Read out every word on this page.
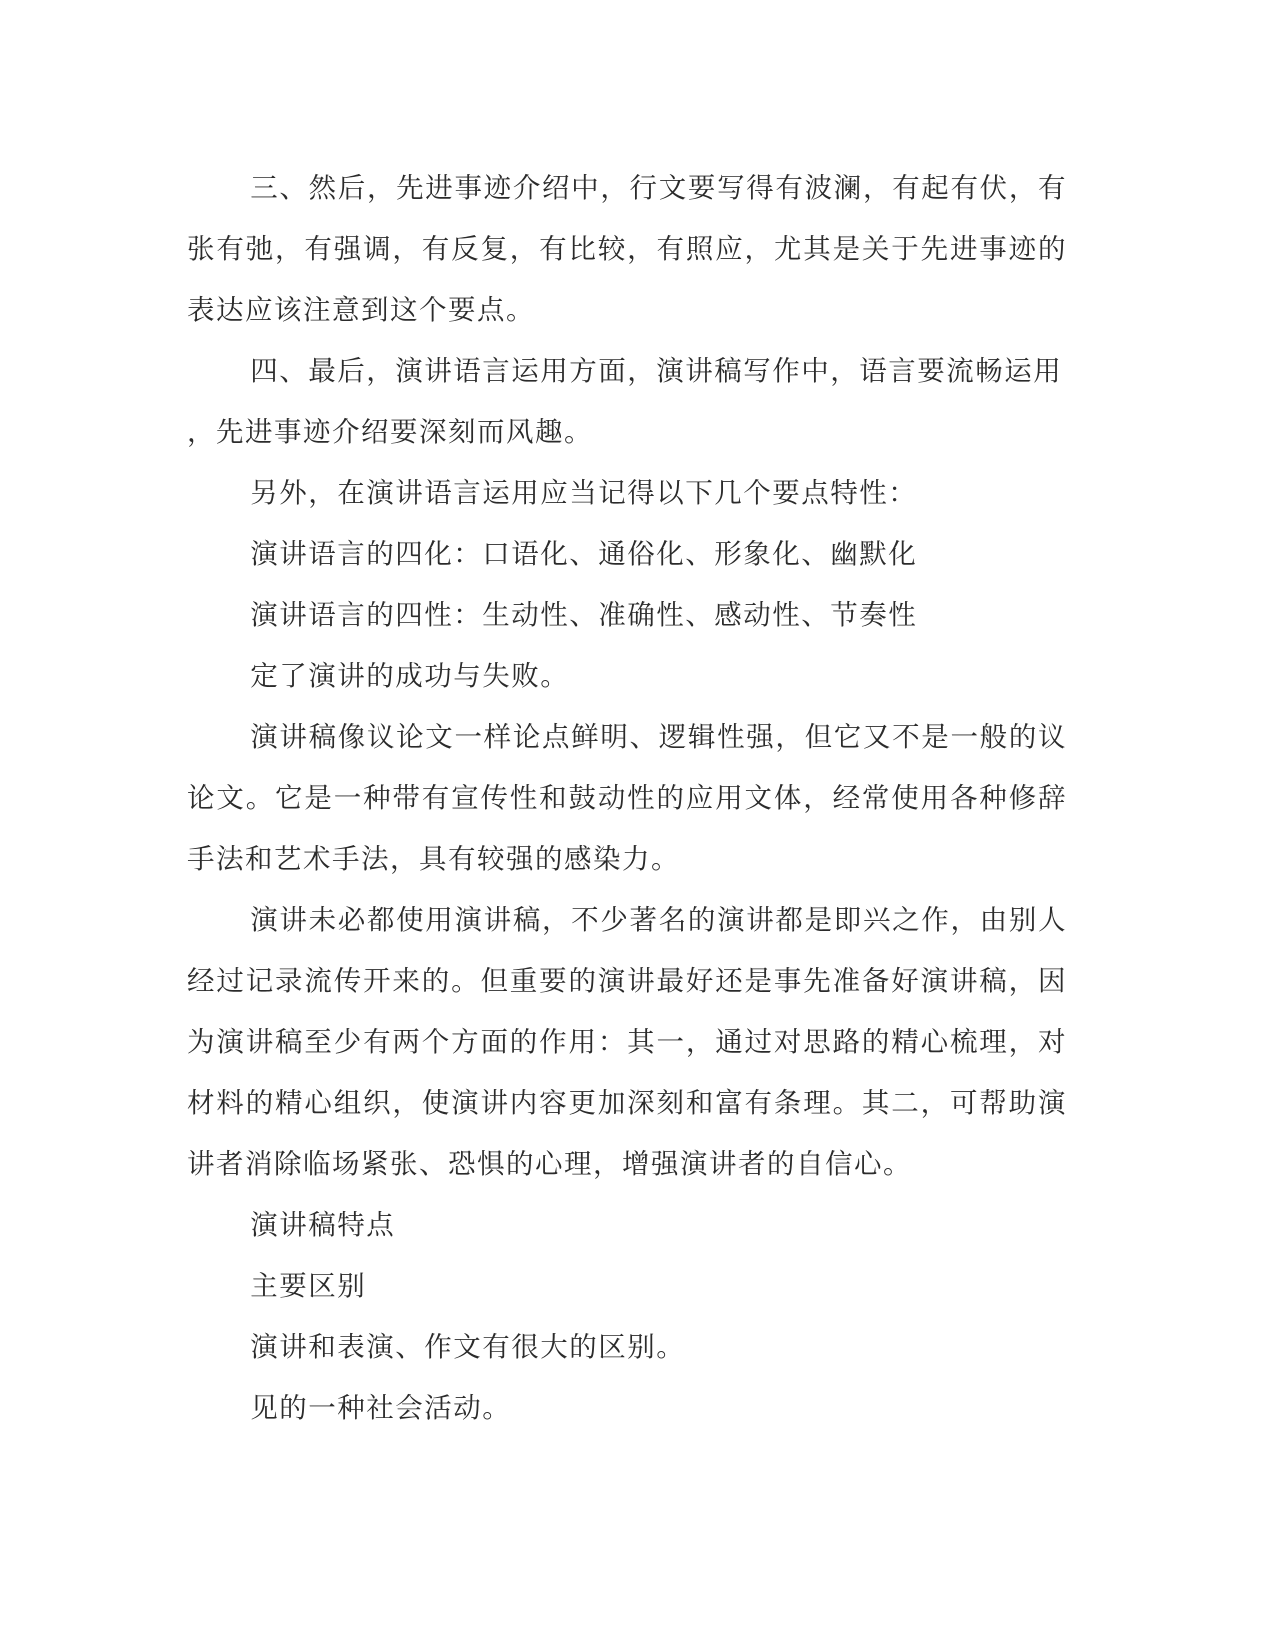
三、然后，先进事迹介绍中，行文要写得有波澜，有起有伏，有张有弛，有强调，有反复，有比较，有照应，尤其是关于先进事迹的表达应该注意到这个要点。

四、最后，演讲语言运用方面，演讲稿写作中，语言要流畅运用

，先进事迹介绍要深刻而风趣。

另外，在演讲语言运用应当记得以下几个要点特性：

演讲语言的四化：口语化、通俗化、形象化、幽默化

演讲语言的四性：生动性、准确性、感动性、节奏性

定了演讲的成功与失败。

演讲稿像议论文一样论点鲜明、逻辑性强，但它又不是一般的议论文。它是一种带有宣传性和鼓动性的应用文体，经常使用各种修辞手法和艺术手法，具有较强的感染力。

演讲未必都使用演讲稿，不少著名的演讲都是即兴之作，由别人经过记录流传开来的。但重要的演讲最好还是事先准备好演讲稿，因为演讲稿至少有两个方面的作用：其一，通过对思路的精心梳理，对材料的精心组织，使演讲内容更加深刻和富有条理。其二，可帮助演讲者消除临场紧张、恐惧的心理，增强演讲者的自信心。

演讲稿特点

主要区别

演讲和表演、作文有很大的区别。

见的一种社会活动。
